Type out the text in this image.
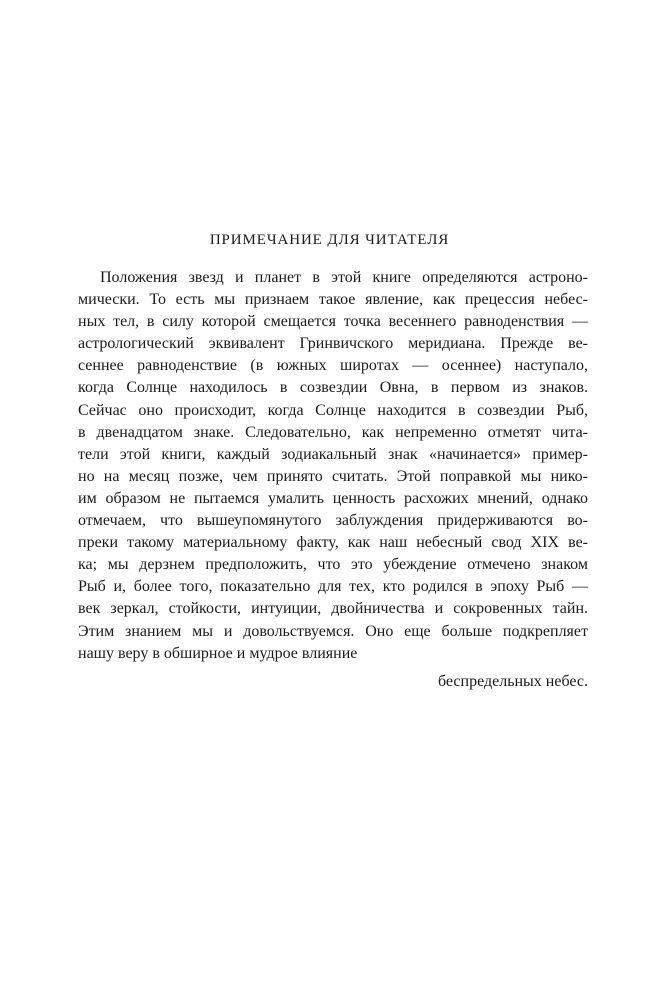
ПРИМЕЧАНИЕ ДЛЯ ЧИТАТЕЛЯ
Положения звезд и планет в этой книге определяются астроно-
мически. То есть мы признаем такое явление, как прецессия небес-
ных тел, в силу которой смещается точка весеннего равноденствия —
астрологический эквивалент Гринвичского меридиана. Прежде ве-
сеннее равноденствие (в южных широтах — осеннее) наступало,
когда Солнце находилось в созвездии Овна, в первом из знаков.
Сейчас оно происходит, когда Солнце находится в созвездии Рыб,
в двенадцатом знаке. Следовательно, как непременно отметят чита-
тели этой книги, каждый зодиакальный знак «начинается» пример-
но на месяц позже, чем принято считать. Этой поправкой мы нико-
им образом не пытаемся умалить ценность расхожих мнений, однако
отмечаем, что вышеупомянутого заблуждения придерживаются во-
преки такому материальному факту, как наш небесный свод XIX ве-
ка; мы дерзнем предположить, что это убеждение отмечено знаком
Рыб и, более того, показательно для тех, кто родился в эпоху Рыб —
век зеркал, стойкости, интуиции, двойничества и сокровенных тайн.
Этим знанием мы и довольствуемся. Оно еще больше подкрепляет
нашу веру в обширное и мудрое влияние
беспредельных небес.
